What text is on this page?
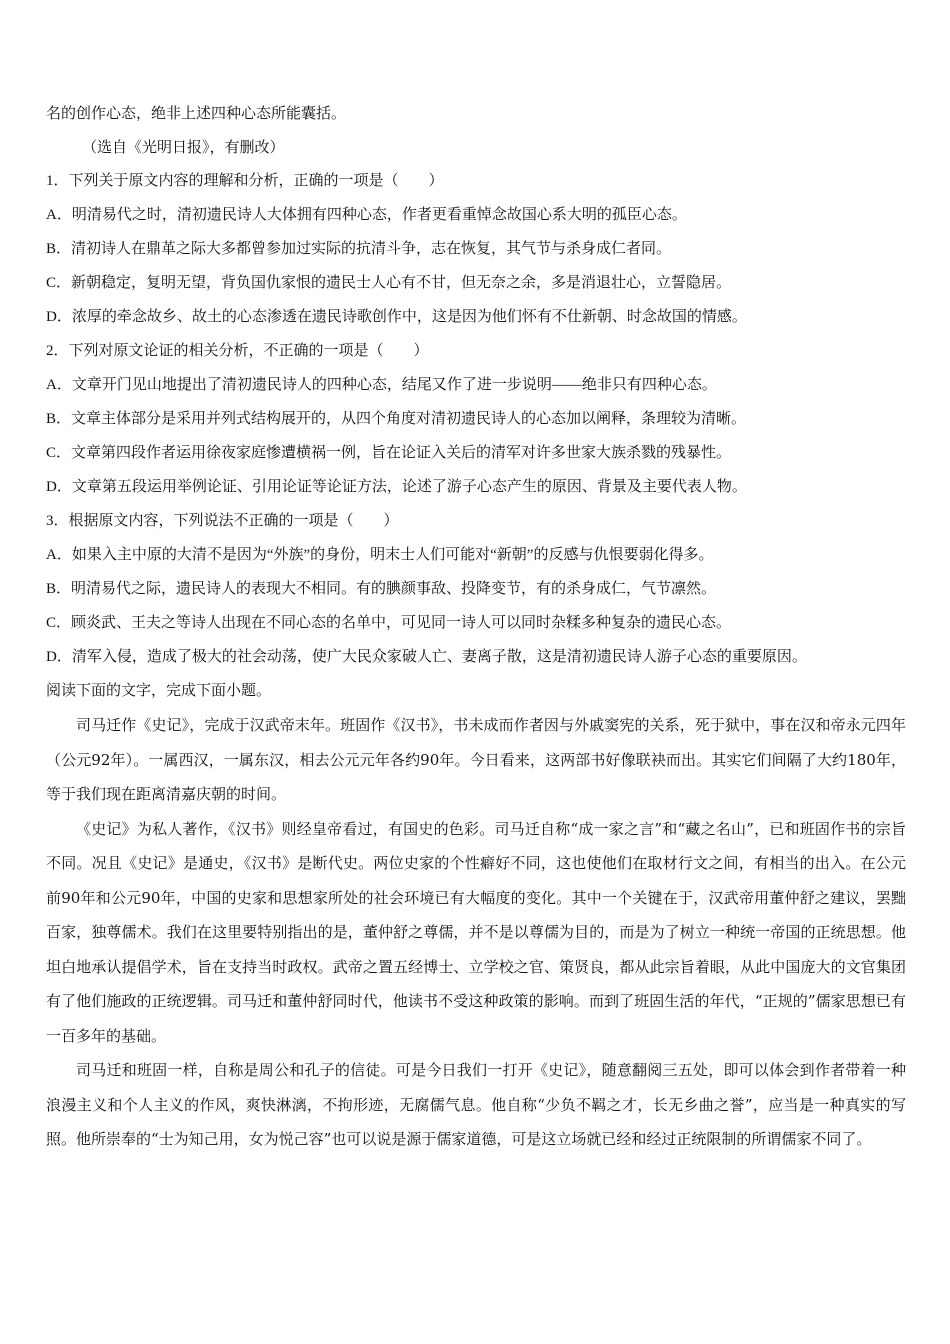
名的创作心态，绝非上述四种心态所能囊括。
（选自《光明日报》，有删改）
1．下列关于原文内容的理解和分析，正确的一项是（　　）
A．明清易代之时，清初遗民诗人大体拥有四种心态，作者更看重悼念故国心系大明的孤臣心态。
B．清初诗人在鼎革之际大多都曾参加过实际的抗清斗争，志在恢复，其气节与杀身成仁者同。
C．新朝稳定，复明无望，背负国仇家恨的遗民士人心有不甘，但无奈之余，多是消退壮心，立誓隐居。
D．浓厚的牵念故乡、故土的心态渗透在遗民诗歌创作中，这是因为他们怀有不仕新朝、时念故国的情感。
2．下列对原文论证的相关分析，不正确的一项是（　　）
A．文章开门见山地提出了清初遗民诗人的四种心态，结尾又作了进一步说明——绝非只有四种心态。
B．文章主体部分是采用并列式结构展开的，从四个角度对清初遗民诗人的心态加以阐释，条理较为清晰。
C．文章第四段作者运用徐夜家庭惨遭横祸一例，旨在论证入关后的清军对许多世家大族杀戮的残暴性。
D．文章第五段运用举例论证、引用论证等论证方法，论述了游子心态产生的原因、背景及主要代表人物。
3．根据原文内容，下列说法不正确的一项是（　　）
A．如果入主中原的大清不是因为“外族”的身份，明末士人们可能对“新朝”的反感与仇恨要弱化得多。
B．明清易代之际，遗民诗人的表现大不相同。有的腆颜事敌、投降变节，有的杀身成仁，气节凛然。
C．顾炎武、王夫之等诗人出现在不同心态的名单中，可见同一诗人可以同时杂糅多种复杂的遗民心态。
D．清军入侵，造成了极大的社会动荡，使广大民众家破人亡、妻离子散，这是清初遗民诗人游子心态的重要原因。
阅读下面的文字，完成下面小题。

司马迁作《史记》，完成于汉武帝末年。班固作《汉书》，书未成而作者因与外戚窦宪的关系，死于狱中，事在汉和帝永元四年（公元92年）。一属西汉，一属东汉，相去公元元年各约90年。今日看来，这两部书好像联袂而出。其实它们间隔了大约180年，等于我们现在距离清嘉庆朝的时间。

《史记》为私人著作，《汉书》则经皇帝看过，有国史的色彩。司马迁自称“成一家之言”和“藏之名山”，已和班固作书的宗旨不同。况且《史记》是通史，《汉书》是断代史。两位史家的个性癖好不同，这也使他们在取材行文之间，有相当的出入。在公元前90年和公元90年，中国的史家和思想家所处的社会环境已有大幅度的变化。其中一个关键在于，汉武帝用董仲舒之建议，罢黜百家，独尊儒术。我们在这里要特别指出的是，董仲舒之尊儒，并不是以尊儒为目的，而是为了树立一种统一帝国的正统思想。他坦白地承认提倡学术，旨在支持当时政权。武帝之置五经博士、立学校之官、策贤良，都从此宗旨着眼，从此中国庞大的文官集团有了他们施政的正统逻辑。司马迁和董仲舒同时代，他读书不受这种政策的影响。而到了班固生活的年代，“正规的”儒家思想已有一百多年的基础。

司马迁和班固一样，自称是周公和孔子的信徒。可是今日我们一打开《史记》，随意翻阅三五处，即可以体会到作者带着一种浪漫主义和个人主义的作风，爽快淋漓，不拘形迹，无腐儒气息。他自称“少负不羁之才，长无乡曲之誉”，应当是一种真实的写照。他所崇奉的“士为知己用，女为悦己容”也可以说是源于儒家道德，可是这立场就已经和经过正统限制的所谓儒家不同了。
